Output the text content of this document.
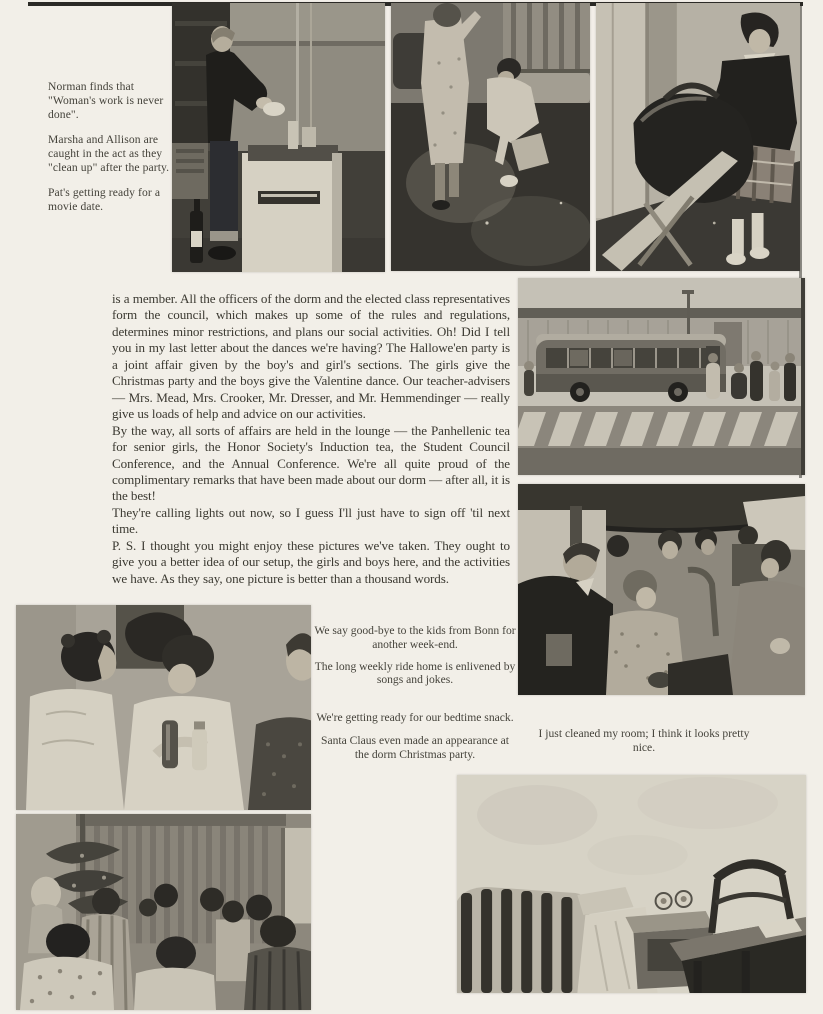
Norman finds that "Woman's work is never done".

Marsha and Allison are caught in the act as they "clean up" after the party.

Pat's getting ready for a movie date.

is a member. All the officers of the dorm and the elected class representatives form the council, which makes up some of the rules and regulations, determines minor restrictions, and plans our social activities. Oh! Did I tell you in my last letter about the dances we're having? The Hallowe'en party is a joint affair given by the boy's and girl's sections. The girls give the Christmas party and the boys give the Valentine dance. Our teacher-advisers — Mrs. Mead, Mrs. Crooker, Mr. Dresser, and Mr. Hemmendinger — really give us loads of help and advice on our activities.

By the way, all sorts of affairs are held in the lounge — the Panhellenic tea for senior girls, the Honor Society's Induction tea, the Student Council Conference, and the Annual Conference. We're all quite proud of the complimentary remarks that have been made about our dorm — after all, it is the best!

They're calling lights out now, so I guess I'll just have to sign off 'til next time.

P. S. I thought you might enjoy these pictures we've taken. They ought to give you a better idea of our setup, the girls and boys here, and the activities we have. As they say, one picture is better than a thousand words.

We say good-bye to the kids from Bonn for another week-end.

The long weekly ride home is enlivened by songs and jokes.

We're getting ready for our bedtime snack.

Santa Claus even made an appearance at the dorm Christmas party.

I just cleaned my room; I think it looks pretty nice.
